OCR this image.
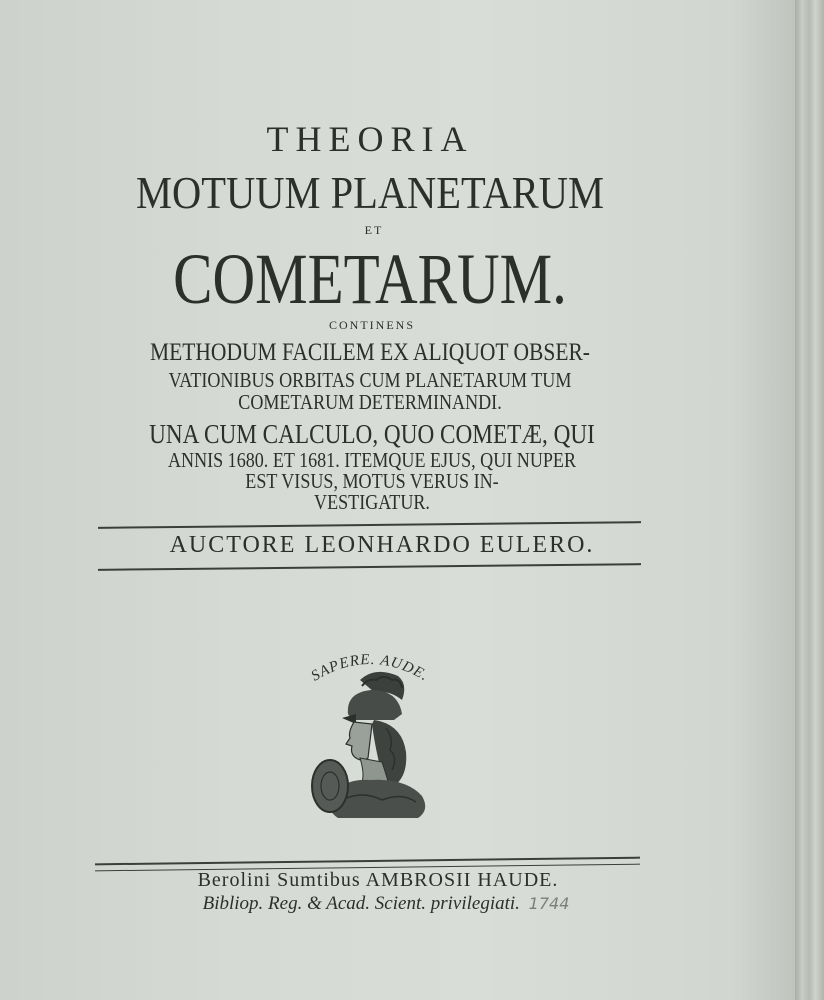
THEORIA
MOTUUM PLANETARUM
ET
COMETARUM.
CONTINENS
METHODUM FACILEM EX ALIQUOT OBSER-
VATIONIBUS ORBITAS CUM PLANETARUM TUM
COMETARUM DETERMINANDI.
UNA CUM CALCULO, QUO COMETÆ, QUI
ANNIS 1680. ET 1681. ITEMQUE EJUS, QUI NUPER
EST VISUS, MOTUS VERUS IN-
VESTIGATUR.
AUCTORE LEONHARDO EULERO.
SAPERE. AUDE.
Berolini Sumtibus AMBROSII HAUDE.
Bibliop. Reg. & Acad. Scient. privilegiati. 1744
